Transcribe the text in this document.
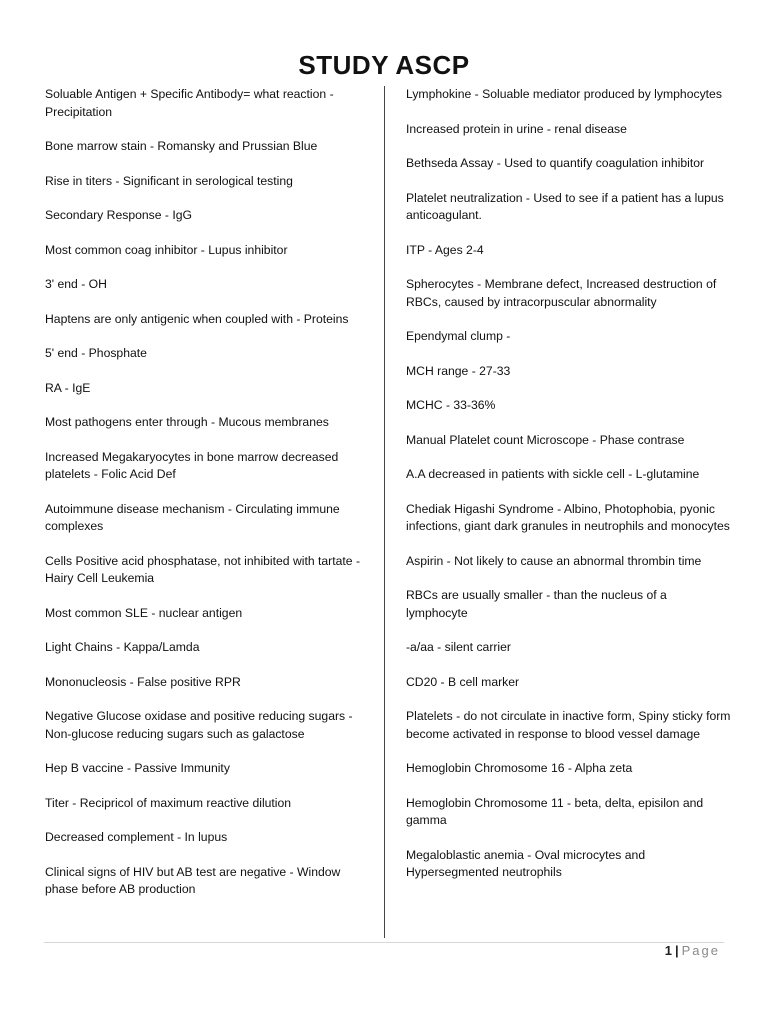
STUDY ASCP
Soluable Antigen + Specific Antibody= what reaction - Precipitation
Bone marrow stain - Romansky and Prussian Blue
Rise in titers - Significant in serological testing
Secondary Response - IgG
Most common coag inhibitor - Lupus inhibitor
3' end - OH
Haptens are only antigenic when coupled with - Proteins
5' end - Phosphate
RA - IgE
Most pathogens enter through - Mucous membranes
Increased Megakaryocytes in bone marrow decreased platelets - Folic Acid Def
Autoimmune disease mechanism - Circulating immune complexes
Cells Positive acid phosphatase, not inhibited with tartate - Hairy Cell Leukemia
Most common SLE - nuclear antigen
Light Chains - Kappa/Lamda
Mononucleosis - False positive RPR
Negative Glucose oxidase and positive reducing sugars - Non-glucose reducing sugars such as galactose
Hep B vaccine - Passive Immunity
Titer - Recipricol of maximum reactive dilution
Decreased complement - In lupus
Clinical signs of HIV but AB test are negative - Window phase before AB production
Lymphokine - Soluable mediator produced by lymphocytes
Increased protein in urine - renal disease
Bethseda Assay - Used to quantify coagulation inhibitor
Platelet neutralization - Used to see if a patient has a lupus anticoagulant.
ITP - Ages 2-4
Spherocytes - Membrane defect, Increased destruction of RBCs, caused by intracorpuscular abnormality
Ependymal clump -
MCH range - 27-33
MCHC - 33-36%
Manual Platelet count Microscope - Phase contrase
A.A decreased in patients with sickle cell - L-glutamine
Chediak Higashi Syndrome - Albino, Photophobia, pyonic infections, giant dark granules in neutrophils and monocytes
Aspirin - Not likely to cause an abnormal thrombin time
RBCs are usually smaller - than the nucleus of a lymphocyte
-a/aa - silent carrier
CD20 - B cell marker
Platelets - do not circulate in inactive form, Spiny sticky form become activated in response to blood vessel damage
Hemoglobin Chromosome 16 - Alpha zeta
Hemoglobin Chromosome 11 - beta, delta, episilon and gamma
Megaloblastic anemia - Oval microcytes and Hypersegmented neutrophils
1 | Page
